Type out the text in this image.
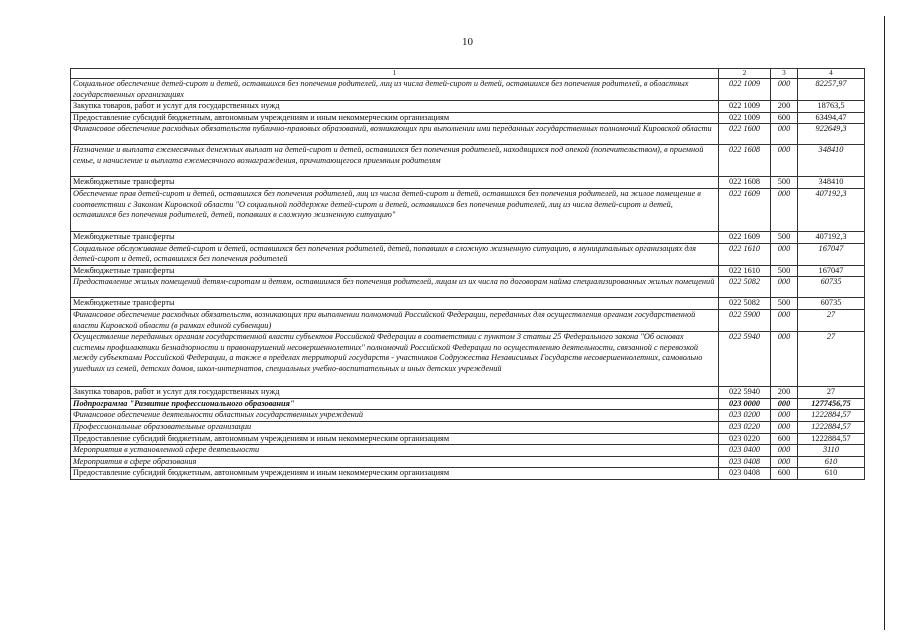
10
1	2	3	4
Социальное обеспечение детей-сирот и детей, оставшихся без попечения родителей, лиц из числа детей-сирот и детей, оставшихся без попечения родителей, в областных государственных организациях	022 1009	000	82257,97
Закупка товаров, работ и услуг для государственных нужд	022 1009	200	18763,5
Предоставление субсидий бюджетным, автономным учреждениям и иным некоммерческим организациям	022 1009	600	63494,47
Финансовое обеспечение расходных обязательств публично-правовых образований, возникающих при выполнении ими переданных государственных полномочий Кировской области	022 1600	000	922649,3
Назначение и выплата ежемесячных денежных выплат на детей-сирот и детей, оставшихся без попечения родителей, находящихся под опекой (попечительством), в приемной семье, и начисление и выплата ежемесячного вознаграждения, причитающегося приемным родителям	022 1608	000	348410
Межбюджетные трансферты	022 1608	500	348410
Обеспечение прав детей-сирот и детей, оставшихся без попечения родителей, лиц из числа детей-сирот и детей, оставшихся без попечения родителей, на жилое помещение в соответствии с Законом Кировской области "О социальной поддержке детей-сирот и детей, оставшихся без попечения родителей, лиц из числа детей-сирот и детей, оставшихся без попечения родителей, детей, попавших в сложную жизненную ситуацию"	022 1609	000	407192,3
Межбюджетные трансферты	022 1609	500	407192,3
Социальное обслуживание детей-сирот и детей, оставшихся без попечения родителей, детей, попавших в сложную жизненную ситуацию, в муниципальных организациях для детей-сирот и детей, оставшихся без попечения родителей	022 1610	000	167047
Межбюджетные трансферты	022 1610	500	167047
Предоставление жилых помещений детям-сиротам и детям, оставшимся без попечения родителей, лицам из их числа по договорам найма специализированных жилых помещений	022 5082	000	60735
Межбюджетные трансферты	022 5082	500	60735
Финансовое обеспечение расходных обязательств, возникающих при выполнении полномочий Российской Федерации, переданных для осуществления органам государственной власти Кировской области (в рамках единой субвенции)	022 5900	000	27
Осуществление переданных органам государственной власти субъектов Российской Федерации в соответствии с пунктом 3 статьи 25 Федерального закона "Об основах системы профилактики безнадзорности и правонарушений несовершеннолетних" полномочий Российской Федерации по осуществлению деятельности, связанной с перевозкой между субъектами Российской Федерации, а также в пределах территорий государств - участников Содружества Независимых Государств несовершеннолетних, самовольно ушедших из семей, детских домов, школ-интернатов, специальных учебно-воспитательных и иных детских учреждений	022 5940	000	27
Закупка товаров, работ и услуг для государственных нужд	022 5940	200	27
Подпрограмма "Развитие профессионального образования"	023 0000	000	1277456,75
Финансовое обеспечение деятельности областных государственных учреждений	023 0200	000	1222884,57
Профессиональные образовательные организации	023 0220	000	1222884,57
Предоставление субсидий бюджетным, автономным учреждениям и иным некоммерческим организациям	023 0220	600	1222884,57
Мероприятия в установленной сфере деятельности	023 0400	000	3110
Мероприятия в сфере образования	023 0408	000	610
Предоставление субсидий бюджетным, автономным учреждениям и иным некоммерческим организациям	023 0408	600	610
